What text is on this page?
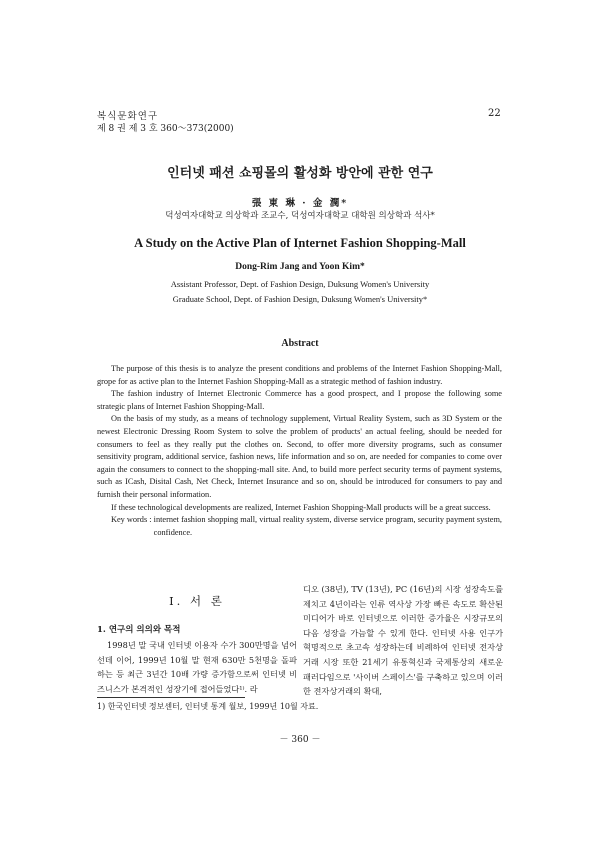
복식문화연구
제 8 권 제 3 호 360～373(2000)
22
인터넷 패션 쇼핑몰의 활성화 방안에 관한 연구
張 東 琳 · 金 潤*
덕성여자대학교 의상학과 조교수, 덕성여자대학교 대학원 의상학과 석사*
A Study on the Active Plan of Internet Fashion Shopping-Mall
`
Dong-Rim Jang and Yoon Kim*
Assistant Professor, Dept. of Fashion Design, Duksung Women's University
Graduate School, Dept. of Fashion Design, Duksung Women's University*
Abstract

The purpose of this thesis is to analyze the present conditions and problems of the Internet Fashion Shopping-Mall, grope for as active plan to the Internet Fashion Shopping-Mall as a strategic method of fashion industry.

The fashion industry of Internet Electronic Commerce has a good prospect, and I propose the following some strategic plans of Internet Fashion Shopping-Mall.

On the basis of my study, as a means of technology supplement, Virtual Reality System, such as 3D System or the newest Electronic Dressing Room System to solve the problem of products' an actual feeling, should be needed for consumers to feel as they really put the clothes on. Second, to offer more diversity programs, such as consumer sensitivity program, additional service, fashion news, life information and so on, are needed for companies to come over again the consumers to connect to the shopping-mall site. And, to build more perfect security terms of payment systems, such as ICash, Disital Cash, Net Check, Internet Insurance and so on, should be introduced for consumers to pay and furnish their personal information.

If these technological developments are realized, Internet Fashion Shopping-Mall products will be a great success.

Key words : internet fashion shopping mall, virtual reality system, diverse service program, security payment system, confidence.
Ⅰ. 서 론
1. 연구의 의의와 목적
1998년 말 국내 인터넷 이용자 수가 300만명을 넘어선데 이어, 1999년 10월 말 현재 630만 5천명을 돌파하는 등 최근 3년간 10배 가량 증가함으로써 인터넷 비즈니스가 본격적인 성장기에 접어들었다¹⁾. 라
디오 (38년), TV (13년), PC (16년)의 시장 성장속도를 제치고 4년이라는 인류 역사상 가장 빠른 속도로 확산된 미디어가 바로 인터넷으로 이러한 증가율은 시장규모의 다음 성장을 가늠할 수 있게 한다. 인터넷 사용 인구가 혁명적으로 초고속 성장하는데 비례하여 인터넷 전자상거래 시장 또한 21세기 유통혁신과 국제통상의 새로운 패러다임으로 '사이버 스페이스'를 구축하고 있으며 이러한 전자상거래의 확대,
1) 한국인터넷 정보센터, 인터넷 통계 월보, 1999년 10월 자료.
－ 360 －
